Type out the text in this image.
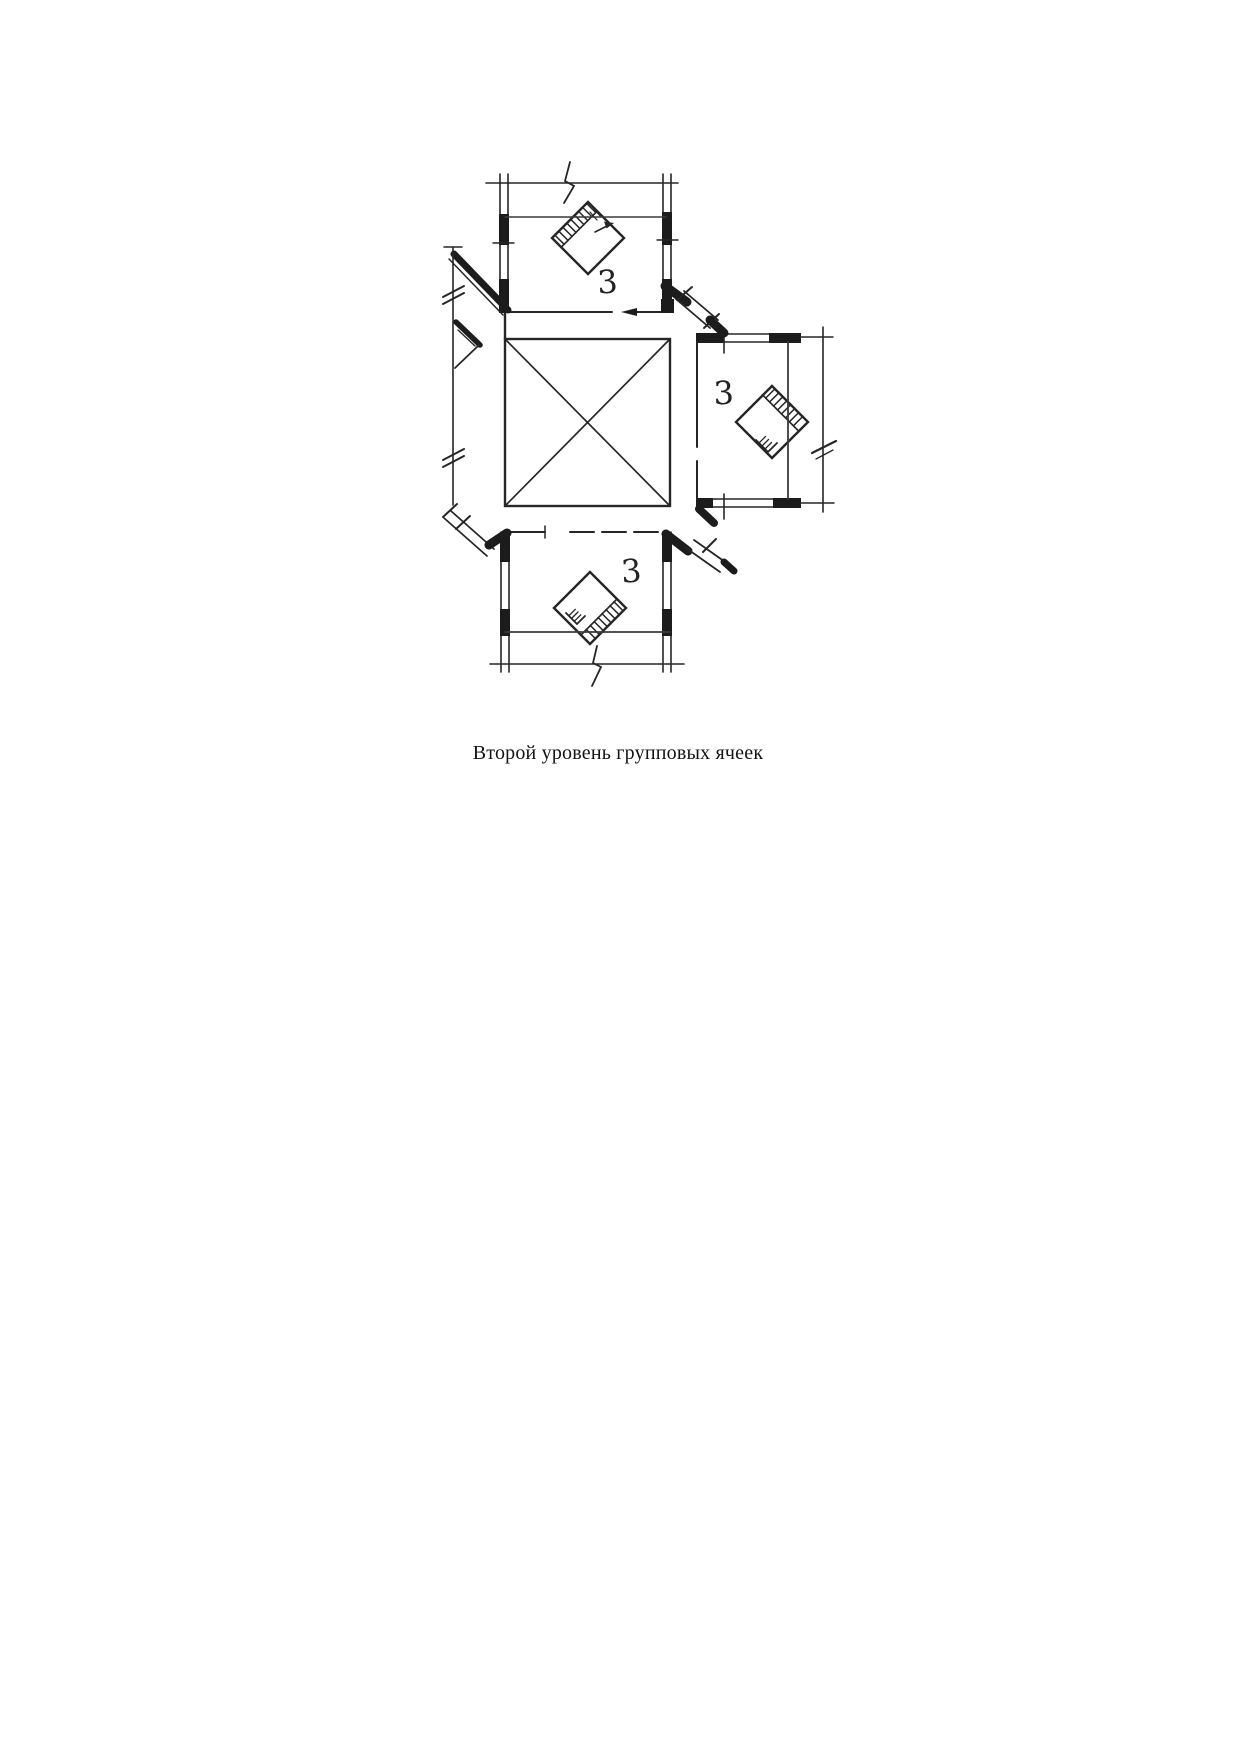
3
3
3
Второй уровень групповых ячеек
